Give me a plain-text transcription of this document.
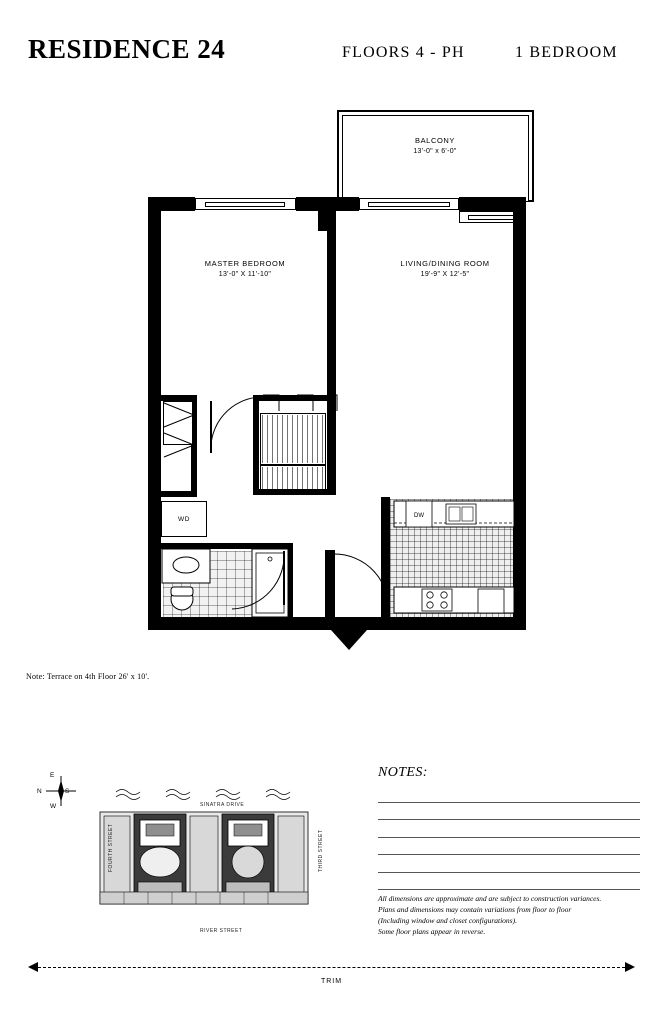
RESIDENCE 24	FLOORS 4 - PH	1 BEDROOM
BALCONY
13'-0" x 6'-0"
MASTER BEDROOM
13'-0" X 11'-10"
LIVING/DINING ROOM
19'-9" X 12'-5"
WD	DW
Note: Terrace on 4th Floor 26' x 10'.
N
E
S
W	SINATRA DRIVE
FOURTH STREET	THIRD STREET
RIVER STREET
NOTES:
All dimensions are approximate and are subject to construction variances.
Plans and dimensions may contain variations from floor to floor
(Including window and closet configurations).
Some floor plans appear in reverse.
TRIM
